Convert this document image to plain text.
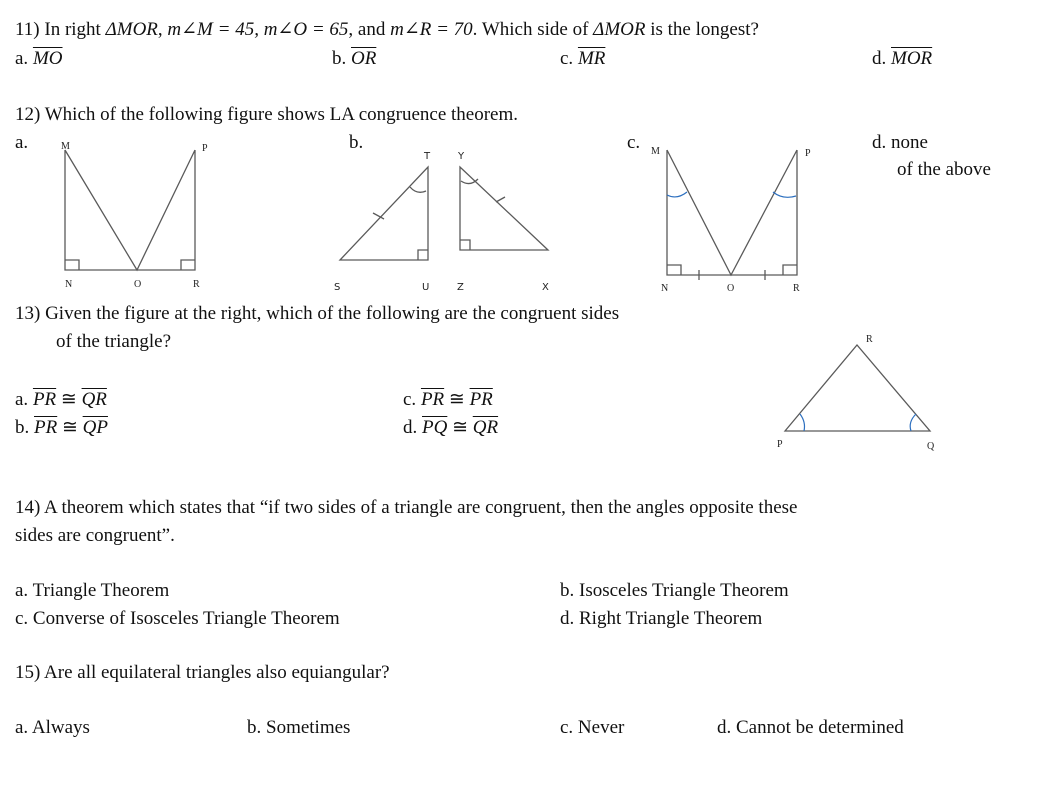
11) In right ΔMOR, m∠M = 45, m∠O = 65, and m∠R = 70. Which side of ΔMOR is the longest?
a. $\overline{MO}$	b. $\overline{OR}$	c. $\overline{MR}$	d. $\overline{MOR}$
12) Which of the following figure shows LA congruence theorem.
a.	b.	c.	d. none
of the above
M	P
N	O	R
T	Y
S	U	Z	X
M	P
N	O	R
13) Given the figure at the right, which of the following are the congruent sides
of the triangle?
a. $\overline{PR}$ ≅ $\overline{QR}$
b. $\overline{PR}$ ≅ $\overline{QP}$
c. $\overline{PR}$ ≅ $\overline{PR}$
d. $\overline{PQ}$ ≅ $\overline{QR}$
R
P	Q
14) A theorem which states that “if two sides of a triangle are congruent, then the angles opposite these
sides are congruent”.
a. Triangle Theorem	b. Isosceles Triangle Theorem
c. Converse of Isosceles Triangle Theorem	d. Right Triangle Theorem
15) Are all equilateral triangles also equiangular?
a. Always	b. Sometimes	c. Never	d. Cannot be determined
